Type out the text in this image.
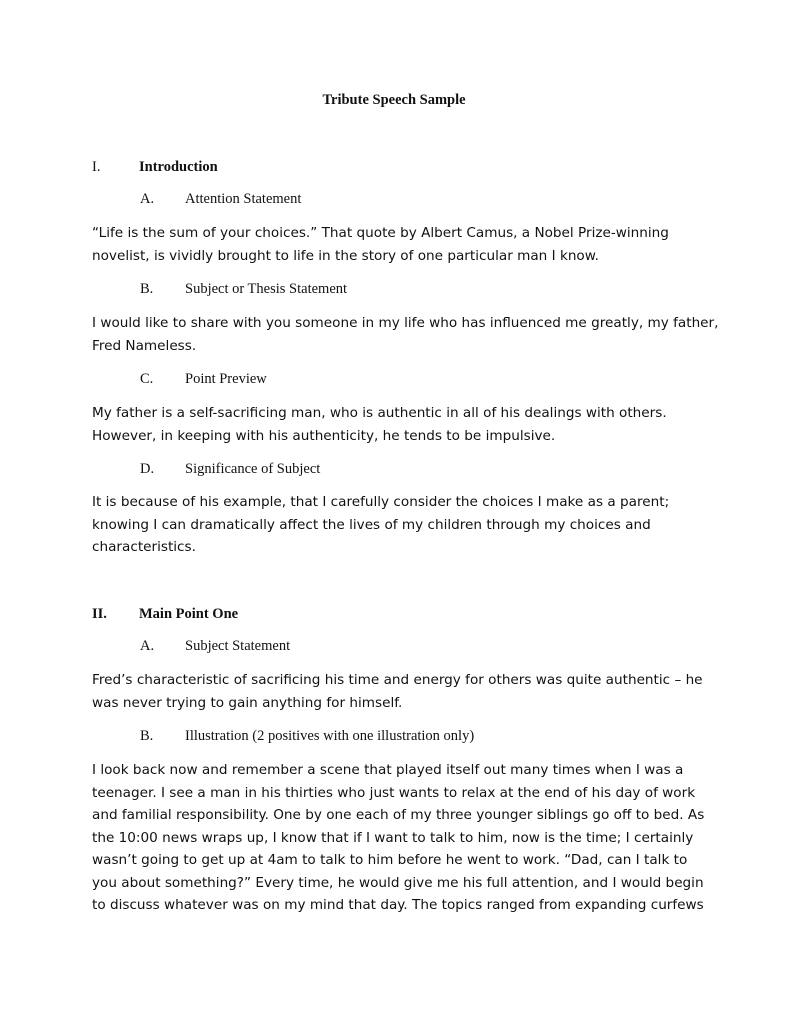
Tribute Speech Sample
I.	Introduction
A. Attention Statement
“Life is the sum of your choices.” That quote by Albert Camus, a Nobel Prize-winning
novelist, is vividly brought to life in the story of one particular man I know.
B. Subject or Thesis Statement
I would like to share with you someone in my life who has influenced me greatly, my father,
Fred Nameless.
C. Point Preview
My father is a self-sacrificing man, who is authentic in all of his dealings with others.
However, in keeping with his authenticity, he tends to be impulsive.
D. Significance of Subject
It is because of his example, that I carefully consider the choices I make as a parent;
knowing I can dramatically affect the lives of my children through my choices and
characteristics.
II. Main Point One
A. Subject Statement
Fred’s characteristic of sacrificing his time and energy for others was quite authentic – he
was never trying to gain anything for himself.
B. Illustration (2 positives with one illustration only)
I look back now and remember a scene that played itself out many times when I was a
teenager. I see a man in his thirties who just wants to relax at the end of his day of work
and familial responsibility. One by one each of my three younger siblings go off to bed. As
the 10:00 news wraps up, I know that if I want to talk to him, now is the time; I certainly
wasn’t going to get up at 4am to talk to him before he went to work. “Dad, can I talk to
you about something?” Every time, he would give me his full attention, and I would begin
to discuss whatever was on my mind that day. The topics ranged from expanding curfews
